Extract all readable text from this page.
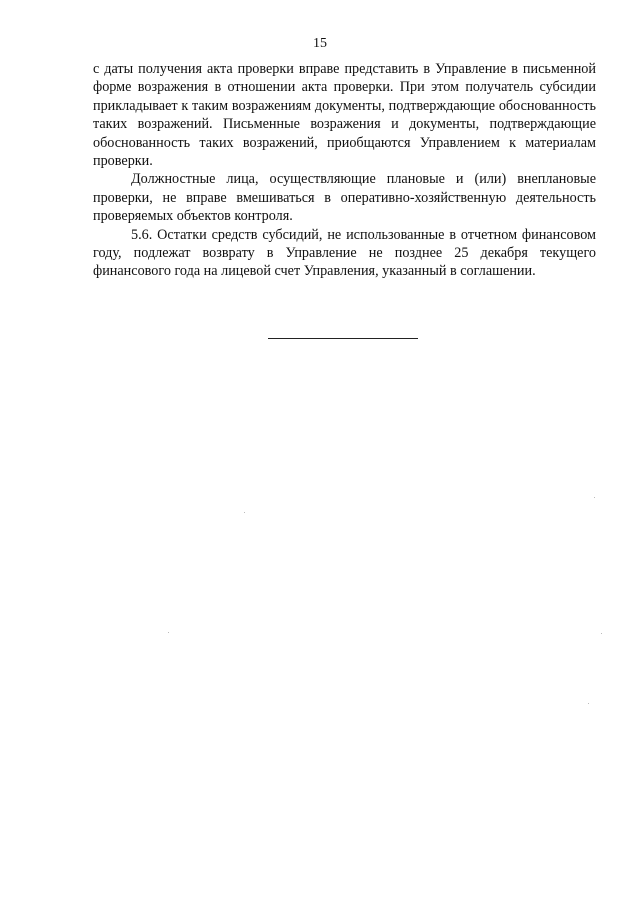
15

с даты получения акта проверки вправе представить в Управление в письменной форме возражения в отношении акта проверки. При этом получатель субсидии прикладывает к таким возражениям документы, подтверждающие обоснованность таких возражений. Письменные возражения и документы, подтверждающие обоснованность таких возражений, приобщаются Управлением к материалам проверки.

Должностные лица, осуществляющие плановые и (или) внеплановые проверки, не вправе вмешиваться в оперативно-хозяйственную деятельность проверяемых объектов контроля.

5.6. Остатки средств субсидий, не использованные в отчетном финансовом году, подлежат возврату в Управление не позднее 25 декабря текущего финансового года на лицевой счет Управления, указанный в соглашении.
